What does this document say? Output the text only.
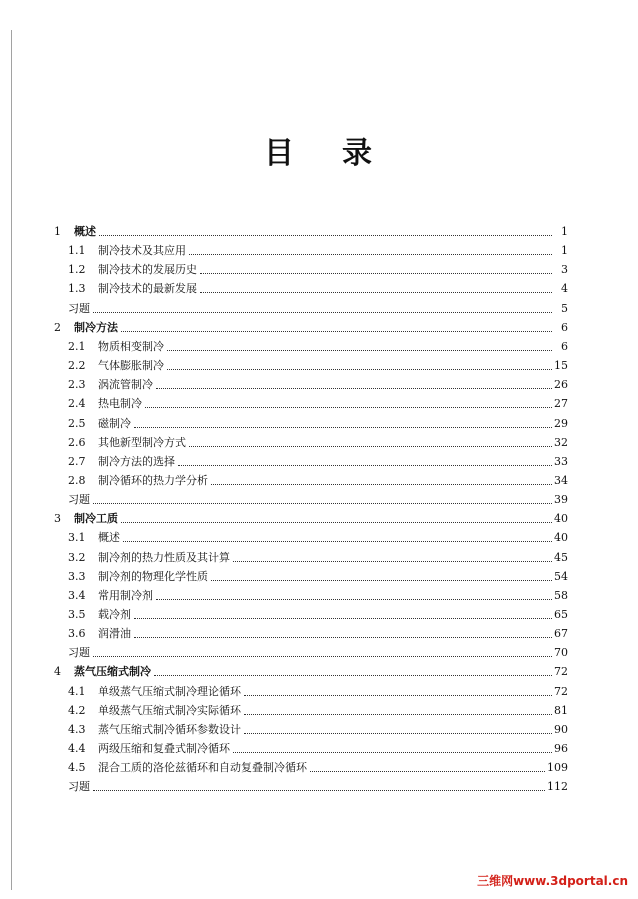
目 录
1	概述	1
1.1	制冷技术及其应用	1
1.2	制冷技术的发展历史	3
1.3	制冷技术的最新发展	4
习题	5
2	制冷方法	6
2.1	物质相变制冷	6
2.2	气体膨胀制冷	15
2.3	涡流管制冷	26
2.4	热电制冷	27
2.5	磁制冷	29
2.6	其他新型制冷方式	32
2.7	制冷方法的选择	33
2.8	制冷循环的热力学分析	34
习题	39
3	制冷工质	40
3.1	概述	40
3.2	制冷剂的热力性质及其计算	45
3.3	制冷剂的物理化学性质	54
3.4	常用制冷剂	58
3.5	载冷剂	65
3.6	润滑油	67
习题	70
4	蒸气压缩式制冷	72
4.1	单级蒸气压缩式制冷理论循环	72
4.2	单级蒸气压缩式制冷实际循环	81
4.3	蒸气压缩式制冷循环参数设计	90
4.4	两级压缩和复叠式制冷循环	96
4.5	混合工质的洛伦兹循环和自动复叠制冷循环	109
习题	112
三维网www.3dportal.cn
